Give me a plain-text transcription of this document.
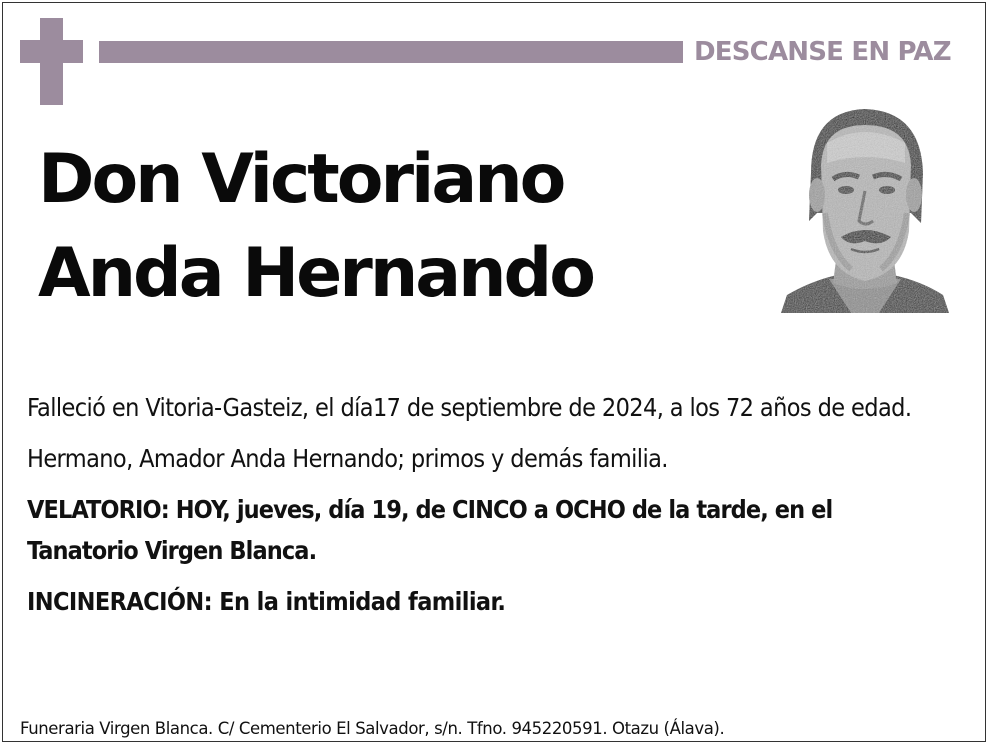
DESCANSE EN PAZ
Don Victoriano
Anda Hernando

Falleció en Vitoria-Gasteiz, el día17 de septiembre de 2024, a los 72 años de edad.

Hermano, Amador Anda Hernando; primos y demás familia.

VELATORIO: HOY, jueves, día 19, de CINCO a OCHO de la tarde, en el Tanatorio Virgen Blanca.

INCINERACIÓN: En la intimidad familiar.

Funeraria Virgen Blanca. C/ Cementerio El Salvador, s/n. Tfno. 945220591. Otazu (Álava).
